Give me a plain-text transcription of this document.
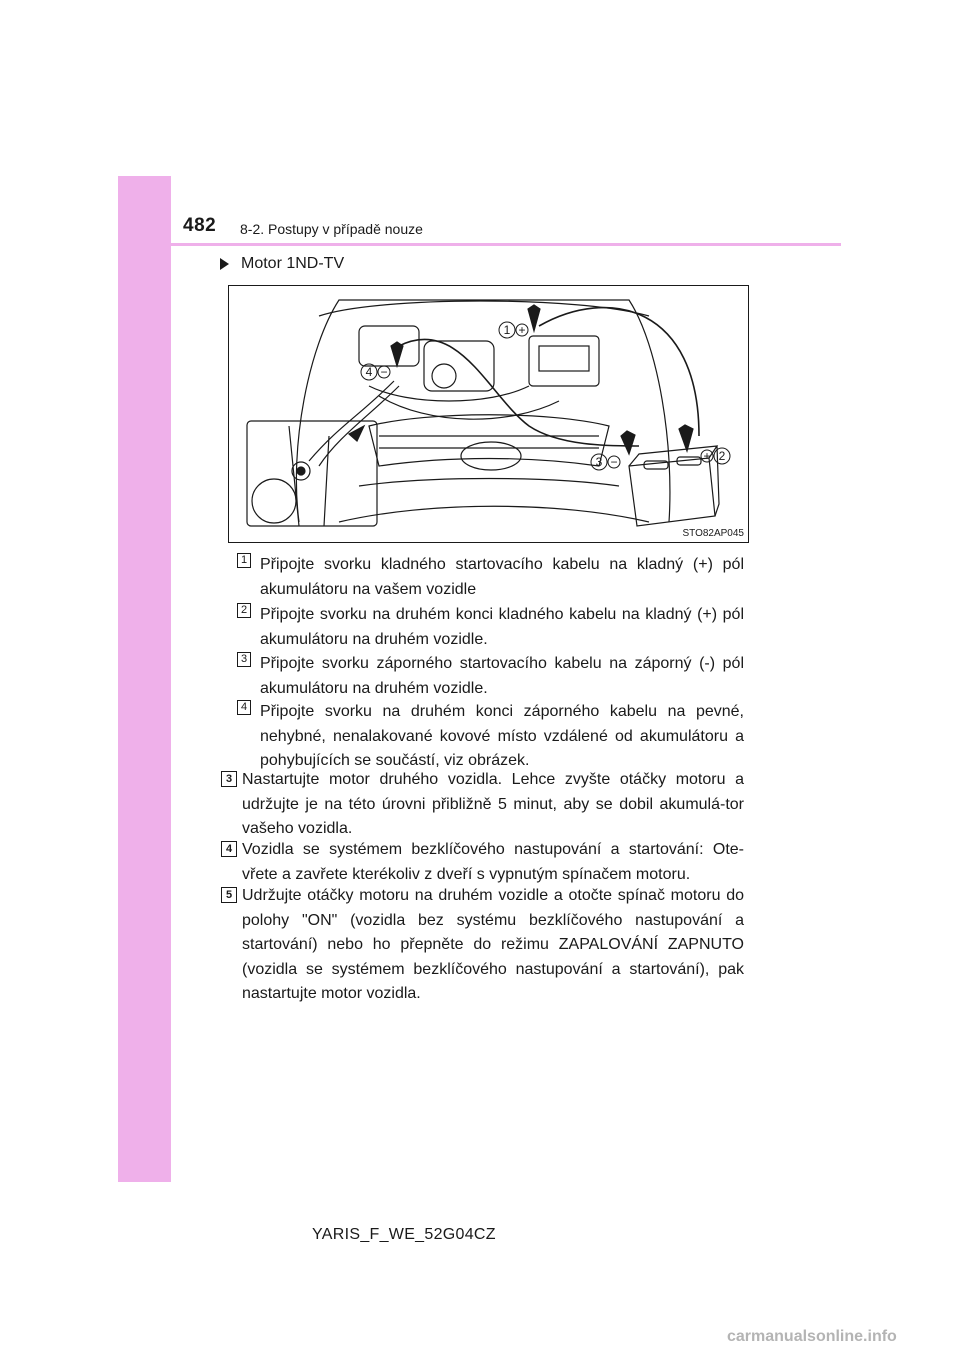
482 8-2. Postupy v případě nouze
Motor 1ND-TV
1 +
4 −
3 −	+ 2
STO82AP045
1 Připojte svorku kladného startovacího kabelu na kladný (+) pól akumulátoru na vašem vozidle
2 Připojte svorku na druhém konci kladného kabelu na kladný (+) pól akumulátoru na druhém vozidle.
3 Připojte svorku záporného startovacího kabelu na záporný (-) pól akumulátoru na druhém vozidle.
4 Připojte svorku na druhém konci záporného kabelu na pevné, nehybné, nenalakované kovové místo vzdálené od akumulátoru a pohybujících se součástí, viz obrázek.
3 Nastartujte motor druhého vozidla. Lehce zvyšte otáčky motoru a udržujte je na této úrovni přibližně 5 minut, aby se dobil akumulá-tor vašeho vozidla.
4 Vozidla se systémem bezklíčového nastupování a startování: Ote-vřete a zavřete kterékoliv z dveří s vypnutým spínačem motoru.
5 Udržujte otáčky motoru na druhém vozidle a otočte spínač motoru do polohy "ON" (vozidla bez systému bezklíčového nastupování a startování) nebo ho přepněte do režimu ZAPALOVÁNÍ ZAPNUTO (vozidla se systémem bezklíčového nastupování a startování), pak nastartujte motor vozidla.
YARIS_F_WE_52G04CZ
carmanualsonline.info
